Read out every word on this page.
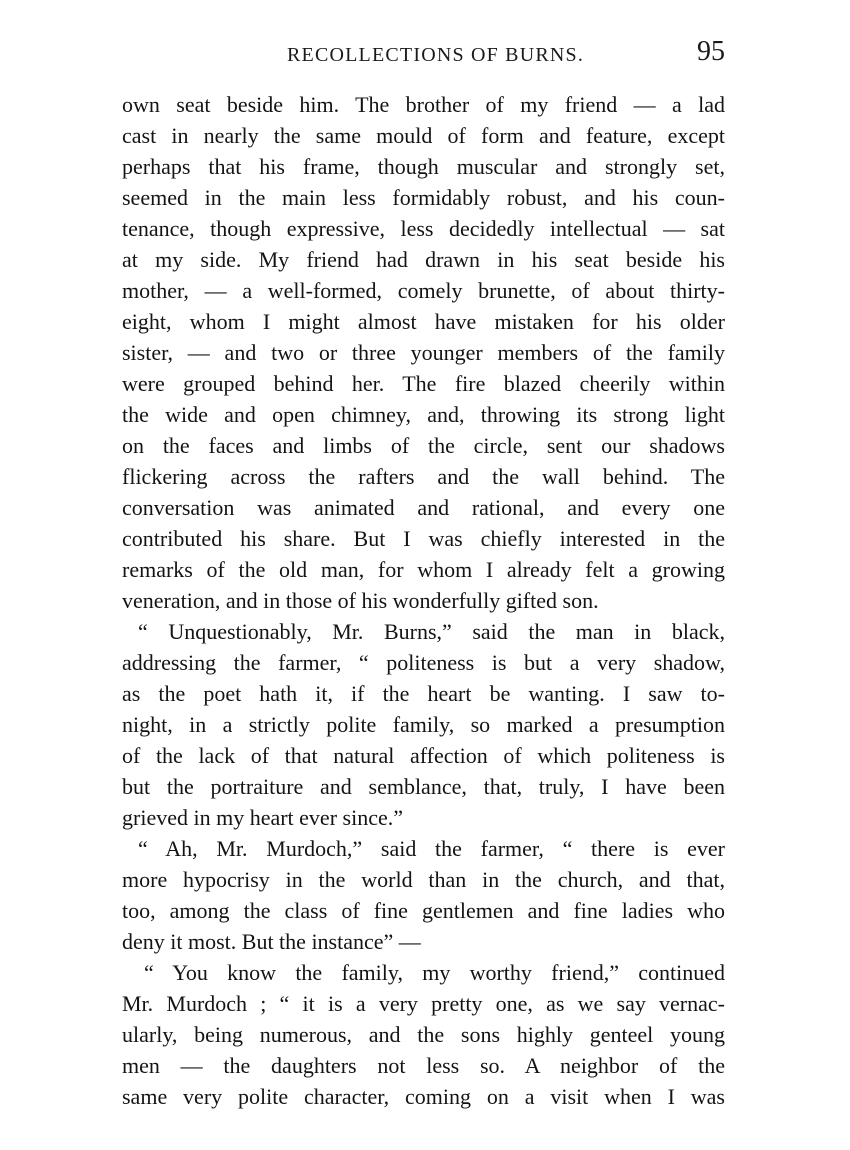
RECOLLECTIONS OF BURNS.	95
own seat beside him. The brother of my friend — a lad
cast in nearly the same mould of form and feature, except
perhaps that his frame, though muscular and strongly set,
seemed in the main less formidably robust, and his coun-
tenance, though expressive, less decidedly intellectual — sat
at my side. My friend had drawn in his seat beside his
mother, — a well-formed, comely brunette, of about thirty-
eight, whom I might almost have mistaken for his older
sister, — and two or three younger members of the family
were grouped behind her. The fire blazed cheerily within
the wide and open chimney, and, throwing its strong light
on the faces and limbs of the circle, sent our shadows
flickering across the rafters and the wall behind. The
conversation was animated and rational, and every one
contributed his share. But I was chiefly interested in the
remarks of the old man, for whom I already felt a growing
veneration, and in those of his wonderfully gifted son.
“ Unquestionably, Mr. Burns,” said the man in black,
addressing the farmer, “ politeness is but a very shadow,
as the poet hath it, if the heart be wanting. I saw to-
night, in a strictly polite family, so marked a presumption
of the lack of that natural affection of which politeness is
but the portraiture and semblance, that, truly, I have been
grieved in my heart ever since.”
“ Ah, Mr. Murdoch,” said the farmer, “ there is ever
more hypocrisy in the world than in the church, and that,
too, among the class of fine gentlemen and fine ladies who
deny it most. But the instance” —
“ You know the family, my worthy friend,” continued
Mr. Murdoch ; “ it is a very pretty one, as we say vernac-
ularly, being numerous, and the sons highly genteel young
men — the daughters not less so. A neighbor of the
same very polite character, coming on a visit when I was
